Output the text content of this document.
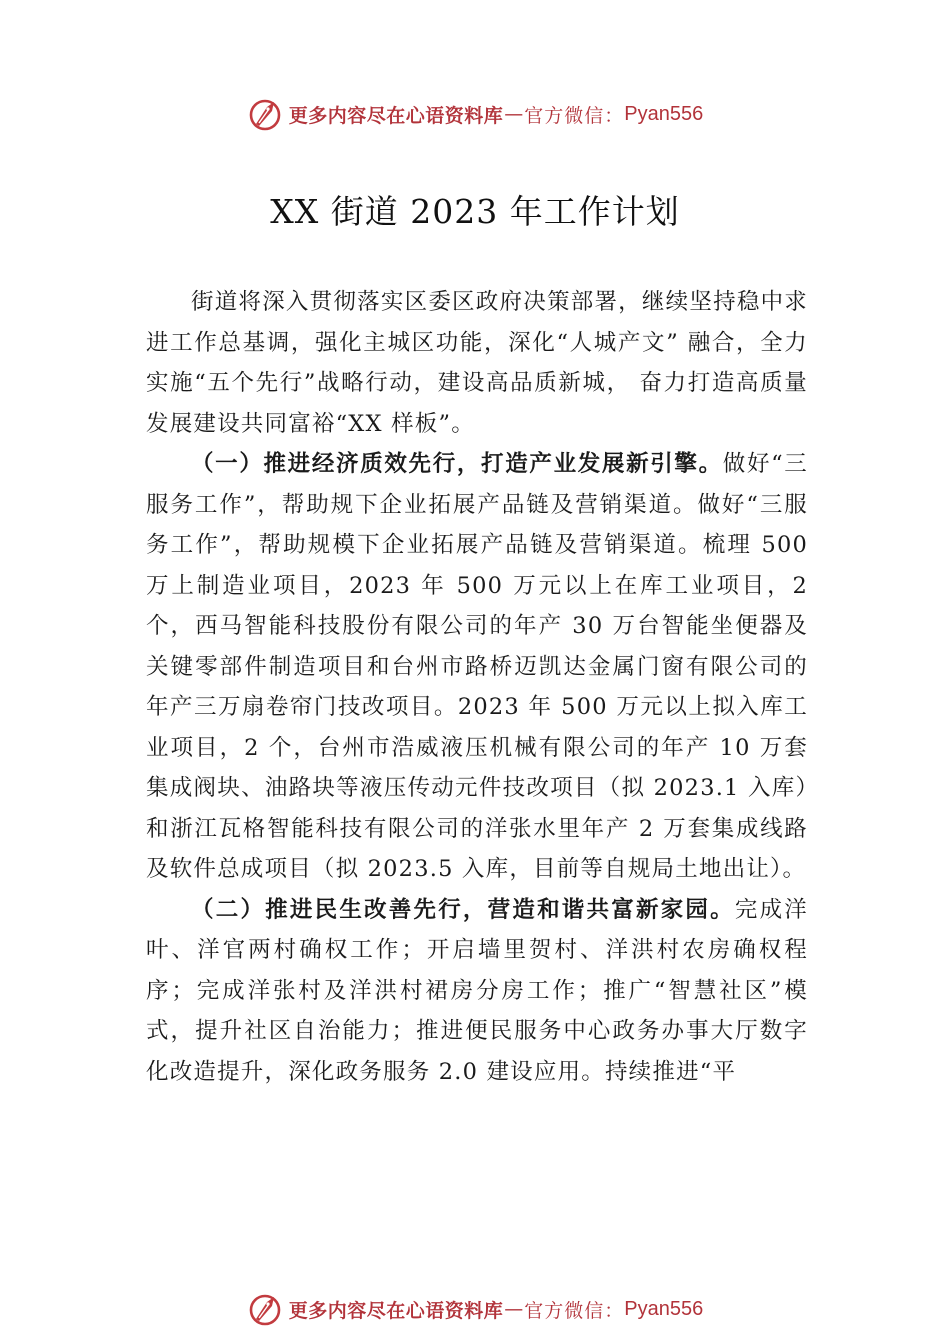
更多内容尽在心语资料库 — 官方微信： Pyan556
XX 街道 2023 年工作计划

街道将深入贯彻落实区委区政府决策部署，继续坚持稳中求进工作总基调，强化主城区功能，深化“人城产文” 融合，全力实施“五个先行”战略行动，建设高品质新城， 奋力打造高质量发展建设共同富裕“XX 样板”。

（一）推进经济质效先行，打造产业发展新引擎。做好“三服务工作”，帮助规下企业拓展产品链及营销渠道。做好“三服务工作”，帮助规模下企业拓展产品链及营销渠道。梳理 500 万上制造业项目，2023 年 500 万元以上在库工业项目，2 个，西马智能科技股份有限公司的年产 30 万台智能坐便器及关键零部件制造项目和台州市路桥迈凯达金属门窗有限公司的年产三万扇卷帘门技改项目。2023 年 500 万元以上拟入库工业项目，2 个，台州市浩威液压机械有限公司的年产 10 万套集成阀块、油路块等液压传动元件技改项目（拟 2023.1 入库）和浙江瓦格智能科技有限公司的洋张水里年产 2 万套集成线路及软件总成项目（拟 2023.5 入库，目前等自规局土地出让）。

（二）推进民生改善先行，营造和谐共富新家园。完成洋叶、洋官两村确权工作；开启墙里贺村、洋洪村农房确权程序；完成洋张村及洋洪村裙房分房工作；推广“智慧社区”模式，提升社区自治能力；推进便民服务中心政务办事大厅数字化改造提升，深化政务服务 2.0 建设应用。持续推进“平

更多内容尽在心语资料库 — 官方微信： Pyan556
